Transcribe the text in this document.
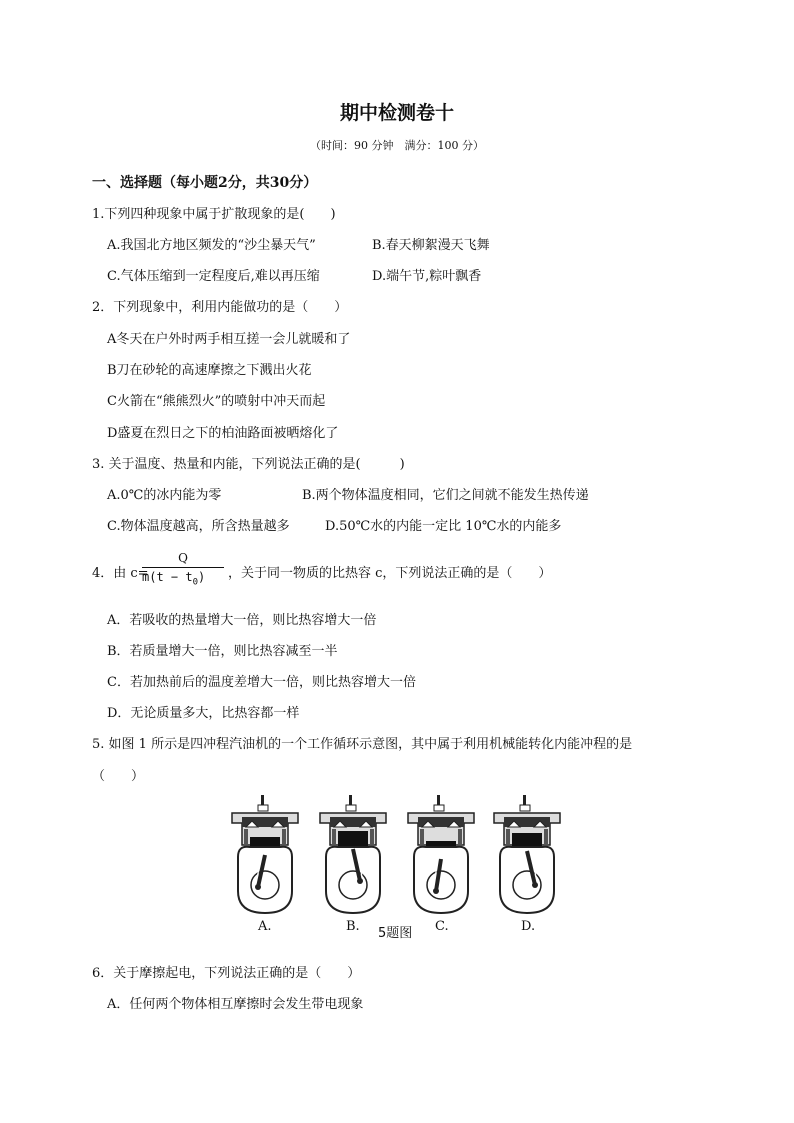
期中检测卷十
（时间：90 分钟　满分：100 分）
一、选择题（每小题2分，共30分）
1.下列四种现象中属于扩散现象的是(　　)
A.我国北方地区频发的“沙尘暴天气”	B.春天柳絮漫天飞舞
C.气体压缩到一定程度后,难以再压缩	D.端午节,粽叶飘香
2．下列现象中，利用内能做功的是（　　）
A冬天在户外时两手相互搓一会儿就暖和了
B刀在砂轮的高速摩擦之下溅出火花
C火箭在“熊熊烈火”的喷射中冲天而起
D盛夏在烈日之下的柏油路面被晒熔化了
3. 关于温度、热量和内能，下列说法正确的是(　　　)
A.0℃的冰内能为零	B.两个物体温度相同，它们之间就不能发生热传递
C.物体温度越高，所含热量越多	D.50℃水的内能一定比 10℃水的内能多
4．由 c=
Q
$m(t - t_0)$ ，关于同一物质的比热容 c，下列说法正确的是（　　）
A．若吸收的热量增大一倍，则比热容增大一倍
B．若质量增大一倍，则比热容减至一半
C．若加热前后的温度差增大一倍，则比热容增大一倍
D．无论质量多大，比热容都一样
5. 如图 1 所示是四冲程汽油机的一个工作循环示意图，其中属于利用机械能转化内能冲程的是
（　　）
A.	B. 5题图 C.	D.
6．关于摩擦起电，下列说法正确的是（　　）
A．任何两个物体相互摩擦时会发生带电现象
